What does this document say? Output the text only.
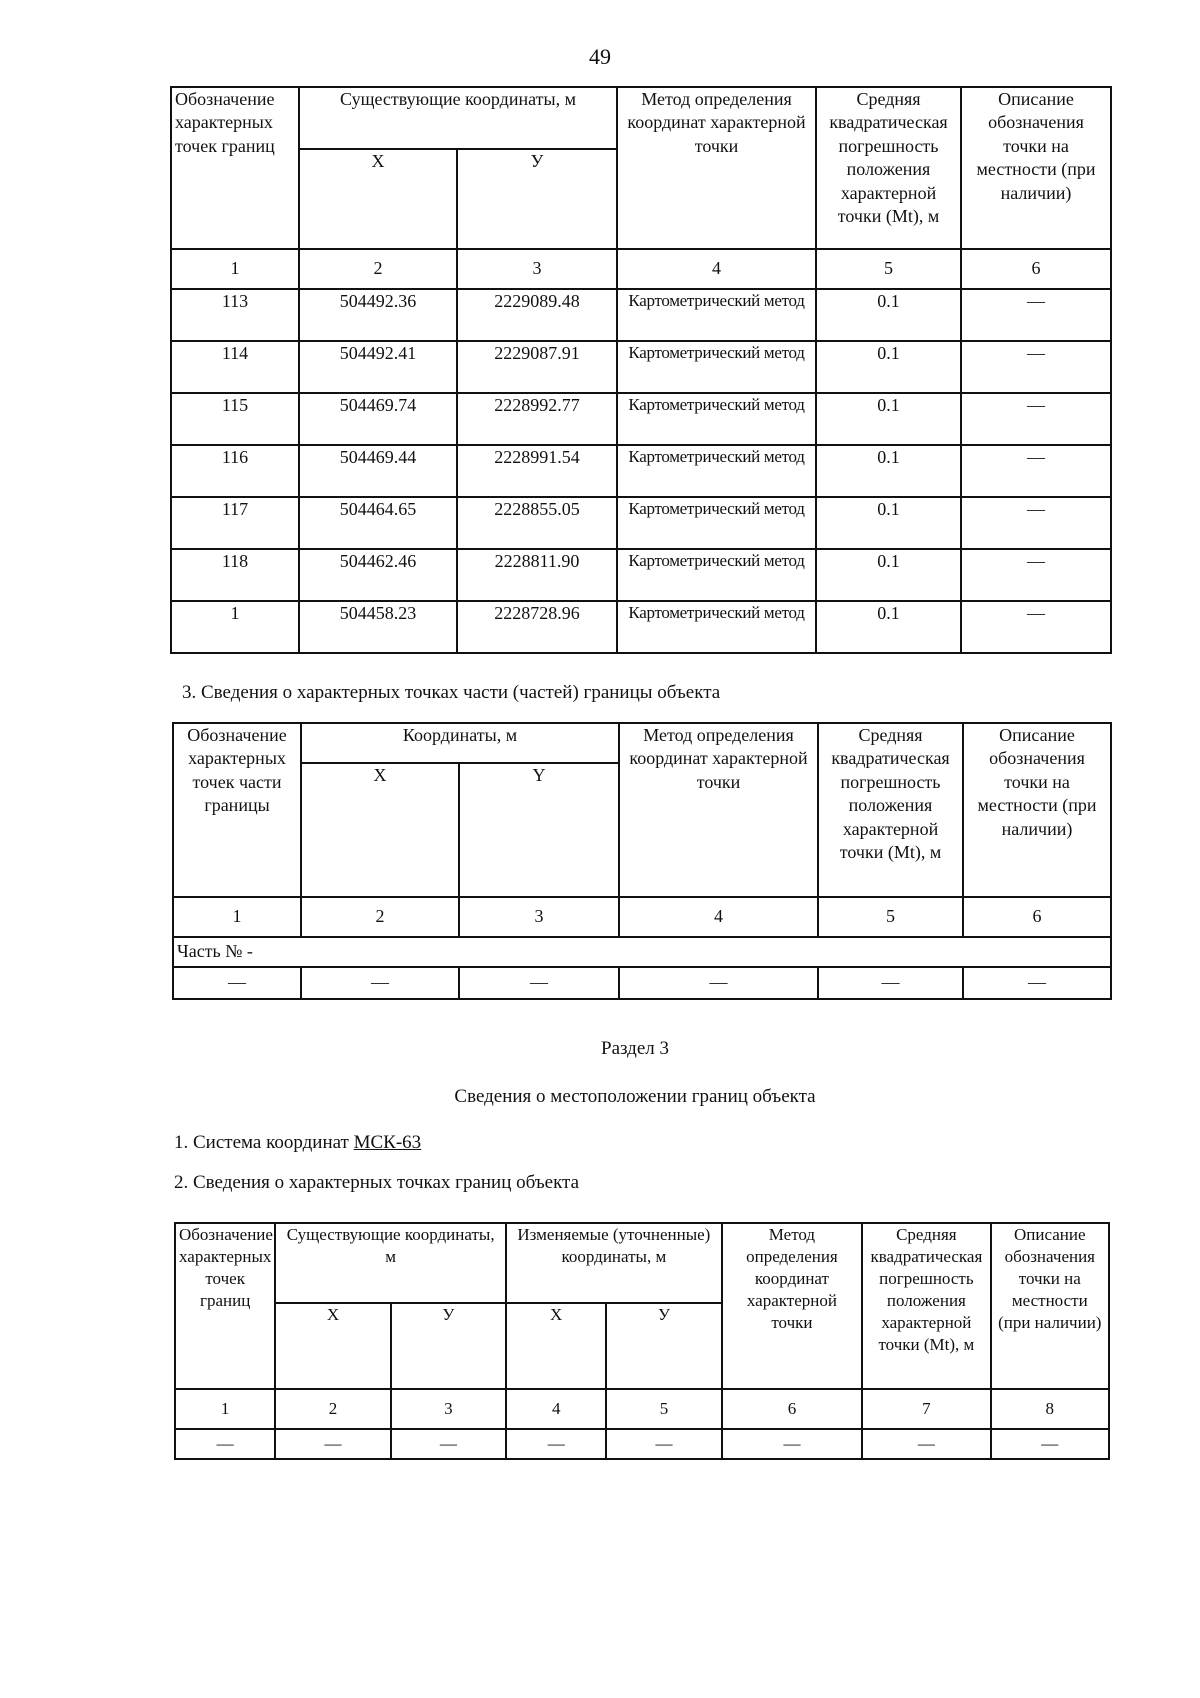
49
Обозначение характерных точек границ	Существующие координаты, м		Метод определения координат характерной точки	Средняя квадратическая погрешность положения характерной точки (Mt), м	Описание обозначения точки на местности (при наличии)
	Х	У			
1	2	3	4	5	6
113	504492.36	2229089.48	Картометрический метод	0.1	—
114	504492.41	2229087.91	Картометрический метод	0.1	—
115	504469.74	2228992.77	Картометрический метод	0.1	—
116	504469.44	2228991.54	Картометрический метод	0.1	—
117	504464.65	2228855.05	Картометрический метод	0.1	—
118	504462.46	2228811.90	Картометрический метод	0.1	—
1	504458.23	2228728.96	Картометрический метод	0.1	—

3. Сведения о характерных точках части (частей) границы объекта

Обозначение характерных точек части границы	Координаты, м		Метод определения координат характерной точки	Средняя квадратическая погрешность положения характерной точки (Mt), м	Описание обозначения точки на местности (при наличии)
	X	Y			
1	2	3	4	5	6
Часть № -					
—	—	—	—	—	—

Раздел 3

Сведения о местоположении границ объекта

1. Система координат МСК-63

2. Сведения о характерных точках границ объекта

Обозначение характерных точек границ	Существующие координаты, м		Изменяемые (уточненные) координаты, м		Метод определения координат характерной точки	Средняя квадратическая погрешность положения характерной точки (Mt), м	Описание обозначения точки на местности (при наличии)
	Х	У	Х	У			
1	2	3	4	5	6	7	8
—	—	—	—	—	—	—	—
